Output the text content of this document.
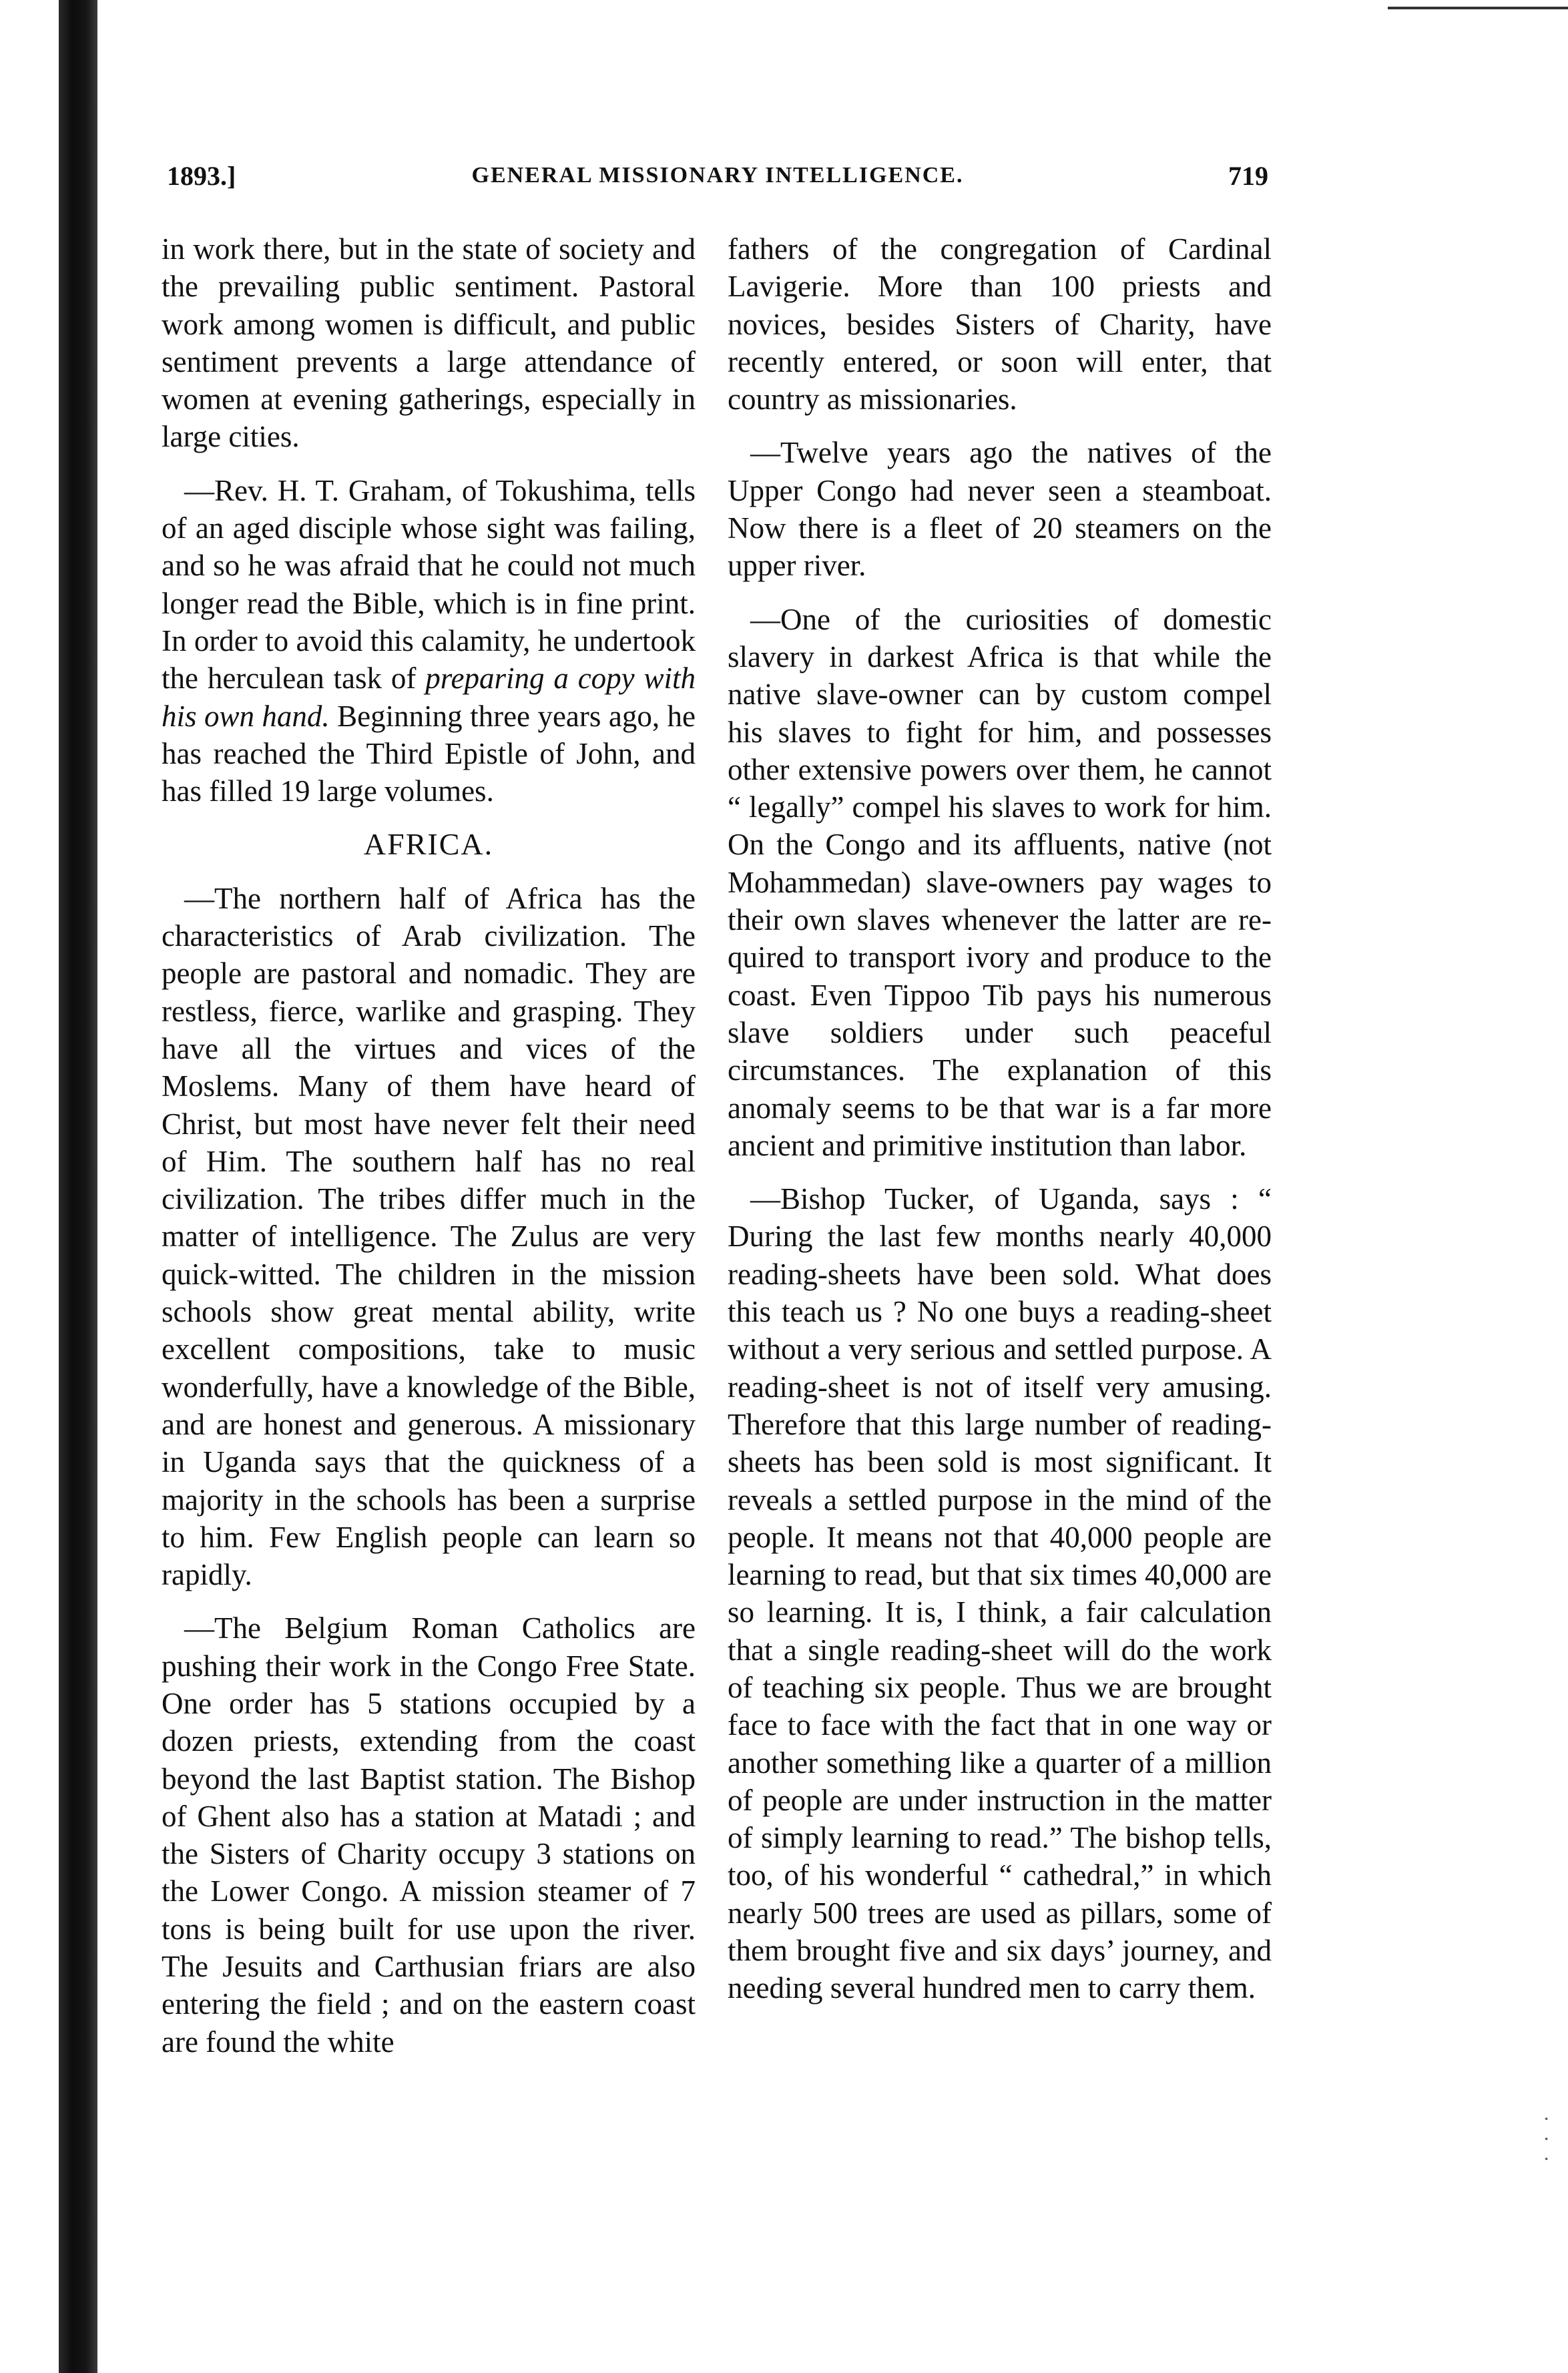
1893.]	GENERAL MISSIONARY INTELLIGENCE.	719

in work there, but in the state of society and the prevailing public sentiment. Pastoral work among women is difficult, and public sentiment prevents a large attendance of women at evening gatherings, especially in large cities.

—Rev. H. T. Graham, of Tokushima, tells of an aged disciple whose sight was failing, and so he was afraid that he could not much longer read the Bible, which is in fine print. In order to avoid this calamity, he undertook the herculean task of preparing a copy with his own hand. Beginning three years ago, he has reached the Third Epistle of John, and has filled 19 large volumes.

AFRICA.

—The northern half of Africa has the characteristics of Arab civilization. The people are pastoral and nomadic. They are restless, fierce, warlike and grasping. They have all the virtues and vices of the Moslems. Many of them have heard of Christ, but most have never felt their need of Him. The southern half has no real civilization. The tribes differ much in the matter of intelligence. The Zulus are very quick-witted. The children in the mission schools show great mental ability, write excellent compositions, take to music wonderfully, have a knowledge of the Bible, and are honest and generous. A missionary in Uganda says that the quickness of a majority in the schools has been a surprise to him. Few English people can learn so rapidly.

—The Belgium Roman Catholics are pushing their work in the Congo Free State. One order has 5 stations occupied by a dozen priests, extending from the coast beyond the last Baptist station. The Bishop of Ghent also has a station at Matadi ; and the Sisters of Charity occupy 3 stations on the Lower Congo. A mission steamer of 7 tons is being built for use upon the river. The Jesuits and Carthusian friars are also entering the field ; and on the eastern coast are found the white

fathers of the congregation of Cardinal Lavigerie. More than 100 priests and novices, besides Sisters of Charity, have recently entered, or soon will enter, that country as missionaries.

—Twelve years ago the natives of the Upper Congo had never seen a steamboat. Now there is a fleet of 20 steamers on the upper river.

—One of the curiosities of domestic slavery in darkest Africa is that while the native slave-owner can by custom compel his slaves to fight for him, and possesses other extensive powers over them, he cannot “ legally” compel his slaves to work for him. On the Congo and its affluents, native (not Mohammedan) slave-owners pay wages to their own slaves whenever the latter are required to transport ivory and produce to the coast. Even Tippoo Tib pays his numerous slave soldiers under such peaceful circumstances. The explanation of this anomaly seems to be that war is a far more ancient and primitive institution than labor.

—Bishop Tucker, of Uganda, says : “ During the last few months nearly 40,000 reading-sheets have been sold. What does this teach us ? No one buys a reading-sheet without a very serious and settled purpose. A reading-sheet is not of itself very amusing. Therefore that this large number of reading-sheets has been sold is most significant. It reveals a settled purpose in the mind of the people. It means not that 40,000 people are learning to read, but that six times 40,000 are so learning. It is, I think, a fair calculation that a single reading-sheet will do the work of teaching six people. Thus we are brought face to face with the fact that in one way or another something like a quarter of a million of people are under instruction in the matter of simply learning to read.” The bishop tells, too, of his wonderful “ cathedral,” in which nearly 500 trees are used as pillars, some of them brought five and six days’ journey, and needing several hundred men to carry them.

·
·
·
